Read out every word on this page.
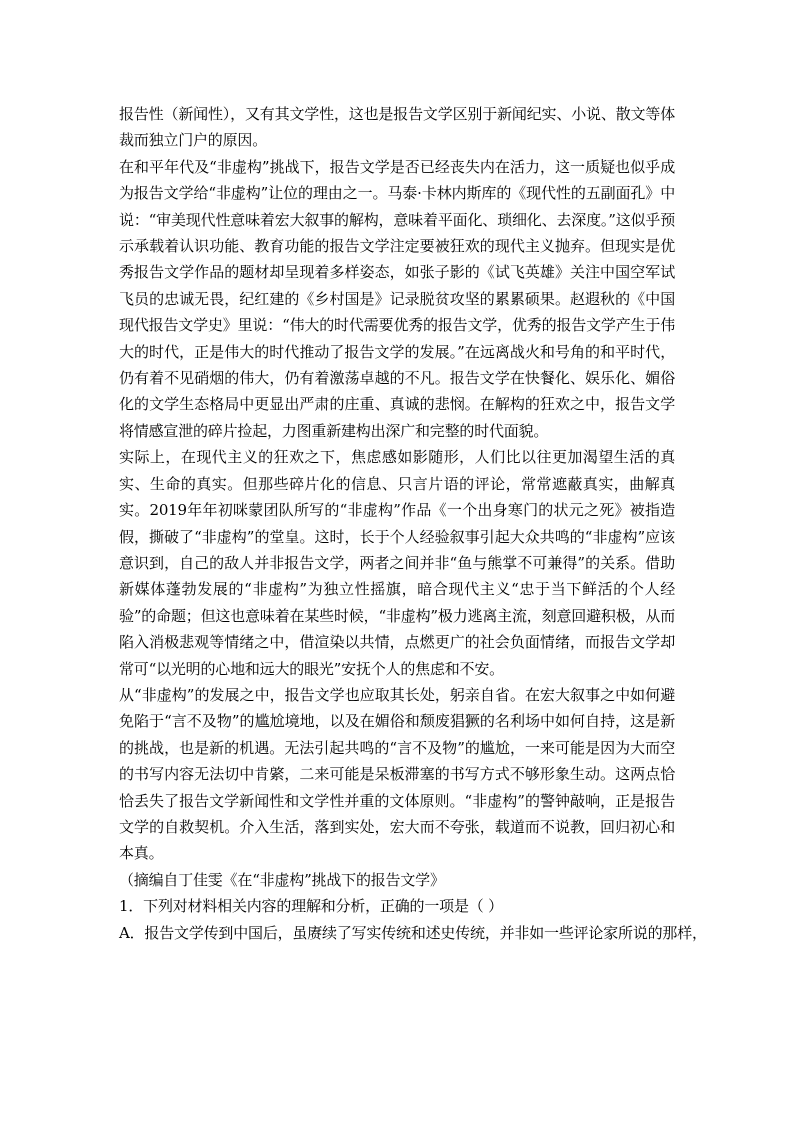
报告性（新闻性），又有其文学性，这也是报告文学区别于新闻纪实、小说、散文等体裁而独立门户的原因。

在和平年代及“非虚构”挑战下，报告文学是否已经丧失内在活力，这一质疑也似乎成为报告文学给“非虚构”让位的理由之一。马泰·卡林内斯库的《现代性的五副面孔》中说：“审美现代性意味着宏大叙事的解构，意味着平面化、琐细化、去深度。”这似乎预示承载着认识功能、教育功能的报告文学注定要被狂欢的现代主义抛弃。但现实是优秀报告文学作品的题材却呈现着多样姿态，如张子影的《试飞英雄》关注中国空军试飞员的忠诚无畏，纪红建的《乡村国是》记录脱贫攻坚的累累硕果。赵遐秋的《中国现代报告文学史》里说：“伟大的时代需要优秀的报告文学，优秀的报告文学产生于伟大的时代，正是伟大的时代推动了报告文学的发展。”在远离战火和号角的和平时代，仍有着不见硝烟的伟大，仍有着激荡卓越的不凡。报告文学在快餐化、娱乐化、媚俗化的文学生态格局中更显出严肃的庄重、真诚的悲悯。在解构的狂欢之中，报告文学将情感宣泄的碎片捡起，力图重新建构出深广和完整的时代面貌。

实际上，在现代主义的狂欢之下，焦虑感如影随形，人们比以往更加渴望生活的真实、生命的真实。但那些碎片化的信息、只言片语的评论，常常遮蔽真实，曲解真实。2019年年初咪蒙团队所写的“非虚构”作品《一个出身寒门的状元之死》被指造假，撕破了“非虚构”的堂皇。这时，长于个人经验叙事引起大众共鸣的“非虚构”应该意识到，自己的敌人并非报告文学，两者之间并非“鱼与熊掌不可兼得”的关系。借助新媒体蓬勃发展的“非虚构”为独立性摇旗，暗合现代主义“忠于当下鲜活的个人经验”的命题；但这也意味着在某些时候，“非虚构”极力逃离主流，刻意回避积极，从而陷入消极悲观等情绪之中，借渲染以共情，点燃更广的社会负面情绪，而报告文学却常可“以光明的心地和远大的眼光”安抚个人的焦虑和不安。

从“非虚构”的发展之中，报告文学也应取其长处，躬亲自省。在宏大叙事之中如何避免陷于“言不及物”的尴尬境地，以及在媚俗和颓废猖獗的名利场中如何自持，这是新的挑战，也是新的机遇。无法引起共鸣的“言不及物”的尴尬，一来可能是因为大而空的书写内容无法切中肯綮，二来可能是呆板滞塞的书写方式不够形象生动。这两点恰恰丢失了报告文学新闻性和文学性并重的文体原则。“非虚构”的警钟敲响，正是报告文学的自救契机。介入生活，落到实处，宏大而不夸张，载道而不说教，回归初心和本真。

（摘编自丁佳雯《在“非虚构”挑战下的报告文学》

1．下列对材料相关内容的理解和分析，正确的一项是（ ）

A．报告文学传到中国后，虽赓续了写实传统和述史传统，并非如一些评论家所说的那样，
